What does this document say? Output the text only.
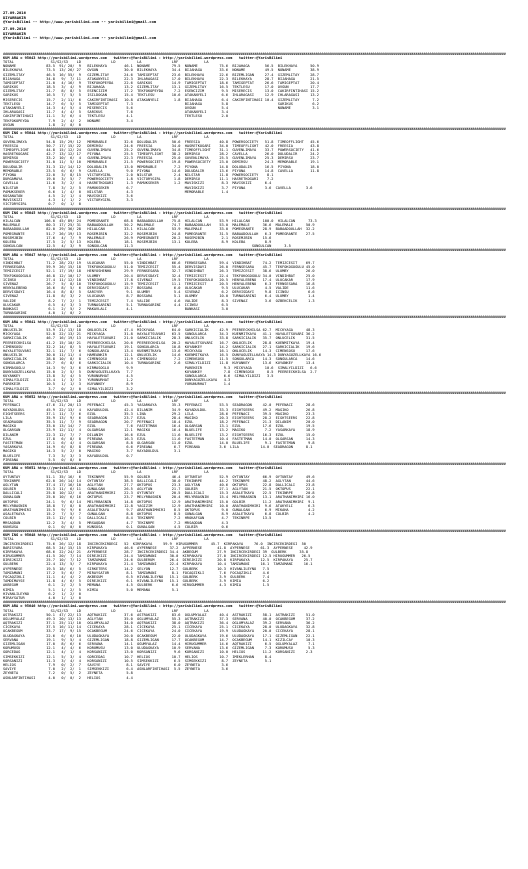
27.09.2016
DIYARBAKIR
@YarisBilimi -- http://www.yarisbilimi.com -- yarisbilimi@gmail.com
27.09.2016
DIYARBAKIR
@YarisBilimi -- http://www.yarisbilimi.com -- yarisbilimi@gmail.com

################################################################################################################################################################################################################################################################
KUM ARA = 95643 http://yarisbilimi.wordpress.com   twitter:@YarisBilimi : http://yarisbilimi.wordpress.com   twitter:@YarisBilimi
TOTAL                 S1/S2/S3    LD              LD          LA              LRF            LA
NONAME              83.5  91/ 20/  9   BILEKHAYA        46.1  NONAME          79.5  NONAME          75.6  BIJAHAGA       56.5  BILEKHAYA      50.9
BILEKHAYA           73.5  13/ 26/ 27   OVGUN            30.0  BILEKHAYA       34.4  BIJAHAGA        33.6  NONAME         49.5  NONAME         38.9
GIZEMLITAY          46.5  16/ 55/  9   GIZEMLITAY       24.6  TAMIGEPTAT      23.6  BILEKHAYA       22.6  BIZEMLIGAN     27.4  GIZEMLITAY     28.7
BIJAHAGA            34.8   9/  7/ 11   ATAKANYELI       22.3  IHLARAGASI      17.0  BILEKHAYA       22.3  BILEKHAYA      28.7  BIJAHAGA       21.5
TAMIGEPTAT          21.0   4/ 16/  9   TEKFOKOPEYDA     22.6  SARIKUS         14.9  TAMIGEPTAT      18.6  TAMIGEPTAT     26.6  TAMIGEPTAT     20.4
SARIKUS             18.5   3/  4/  9   BIJAHAGA         13.2  GIZEMLITAY      13.1  GIZEMLITAY      16.5  TEKTLESU       17.0  OVGUN          17.7
GIZEMLITAY          21.7   8/  8/  5   ESENCIZIM        17.2  TEKFOKOPEYDA     7.2  ESENCIZIM        9.5  MISERECIS      13.0  CAKIRFINTIHASI 15.2
SARIKUS             16.5   7/  5/  5   ISILDOGAN        15.4  TEKTLESU        10.6  ATAKANYELI       6.6  IHLARAGASI     12.9  IHLARAGASI     13.2
MISERECIS           15.7   2/ 11/  6   CAKIRFINTIHASI   10.8  ATAKANYELI       1.8  BIJAHAGA         6.4  CAKIRFINTIHASI 10.4  GIZEMLITAY      7.2
TEKTLESU            14.7   6/  5/  5   TAMIGEPTAT        7.3                        BIJAHAGA         5.8                       SARIKUS         6.2
ATAKANYELI          14.3   4/  5/  4   MISERECIS         5.6                        OVGUN            5.4                       NONAME          3.1
IHLARAGASI          11.7   4/  4/  5   SARIKUS           7.6                        ATAKANYELI       3.4
CAKIRFINTIHASI      11.1   3/  6/  4   TEKTLESU          4.1                        TEKTLESU         2.0
TEKFOKOPEYDA         7.9   2/  4/  2   NONAME            3.4
OVGUN                1.8   2/  0/  0
################################################################################################################################################################################################################################################################
KUM ING = 95644 http://yarisbilimi.wordpress.com   twitter:@YarisBilimi : http://yarisbilimi.wordpress.com   twitter:@YarisBilimi
TOTAL                 S1/S2/S3    LD              LD          LA              LRF            LA
GUVENLIMAYA         54.8  15/ 29/ 12   MEMORABLE        32.6  DOLUDALIR       50.6  FREESIA         40.8  POWERSOCIETY   51.8  TIMEOFFLIGHT   45.6
FREESIA             50.7  17/ 15/ 22   DEMIRSU          24.6  FREESIA         34.0  HASRETKOGARI    34.0  TIMEOFFLIGHT   42.0  FREESIA        43.8
TIMEOFFLIGHT        44.8  15/ 12/ 24   GUVENLIMAYA      25.2  GUVENLIMAYA     34.8  TIMEOFFLIGHT    31.1  GUVENLIMAYA    33.7  POWERSOCIETY   41.6
HASRETKOGARI        42.7  13/ 12/ 17   PIYONA           25.5  TIMEOFFLIGHT    38.2  DEMIRSU         28.2  CAVELLA        26.0  DOLUDALIR      24.2
DEMIRSU             33.2  10/  6/  4   GUVENLIMAYA      22.3  FREESIA         25.0  GUVENLIMAYA     25.5  GUVENLIMAYA    25.3  DEMIRSU        23.7
POWERSOCIETY        31.0  11/  5/ 10   MEMORABLE        21.5  POWERSOCIETY    19.8  POWERSOCIETY    23.0  DEMIRSU        24.3  MEMORABLE      19.1
DOLUDALIR           31.3  12/ 14/ 12   DOLUDALIR        13.0  MEMORABLE        7.2  PIYONA          14.8  DOLUDALIR      16.5  PIYONA         18.0
MEMORABLE           23.5   6/  6/  9   CAVELLA           9.0  PIYONA          14.6  DOLUDALIR       13.6  PIYONA         14.8  CAVELLA        11.8
PIYONA              22.0   3/  8/ 15   VICTORYGIRL       2.0  NILSTAR          2.4  NILSTAR         11.8  POWERSOCIETY    8.1
DURGAMAYA           19.0   3/  5/  7   POWERSOCIETY      1.8  VICTORYGIRL      1.8  DEMIRSU         11.1  HASRETKOGARI    7.2
CAVELLA             11.6   3/  2/  4   HASRETKOGARI      1.3  PAMUKSEKER       1.2  MAVISKIZI        8.3  MAVISKIZI      6.4
NILSTAR              7.8   3/  2/  5   PAMUKSEKER        6.7                        MAVISKIZI        3.7  PIYONA         3.6  CAVELLA       3.6
PAMUKSEKER           6.6   1/  4/  0   NILSTAR           4.3                        MEMORABLE        1.4
KOSANATAN            4.5   2/  1/  4   MAVISKIZI         3.6
MAVISKIZI            4.3   1/  1/  2   VICTORYGIRL       3.3
VICTORYGIRL          0.7   0/  1/  0
################################################################################################################################################################################################################################################################
KUM ING = 95645 http://yarisbilimi.wordpress.com   twitter:@YarisBilimi : http://yarisbilimi.wordpress.com   twitter:@YarisBilimi
TOTAL                 S1/S2/S3    LD              LD          LA              LRF            LA
HILALCAN           106.0  45/ 89/ 24   POMEGRANTE       68.8  BABAADOULLAH    75.8  HILALCAN        53.9  HILALCAN      100.0  HILALCAN      73.3
MALEMALE            80.3  17/ 25/ 31   BABAADOULLAH     50.2  MALEMALE        74.7  BABAADOULLAH    53.0  MALEMALE      36.6  MALEMALE      50.9
BABAADOULLAH        82.0  29/ 36/ 28   HILALCAN         33.1  HILALCAN        53.9  MALEMALE        33.0  POMEGRANTE    28.9  BABAADOULLAH  32.2
POMEGRANTE          51.7  26/ 19/ 13   ROSEMJBIN        32.2  ROSEMJBIN       24.8  POMEGRANTE      31.5  BABAADOULLAH   6.3  POMEGRANTE    27.5
ROSEMJBIN           17.6   4/  7/  9   MALEMALE         26.9  POMEGRANTE      20.2  ROSEMJBIN        2.1  ROSEMJBIN     15.6
KOLEBA              17.5   2/  5/ 13   KOLEBA           18.1  ROSEMJBIN       13.1  KOLEBA           8.9  KOLEBA         8.9
SONGULCAN           12.5   4/  3/  9   SONGULCAN        11.3                                                       SONGULCAN      3.5
################################################################################################################################################################################################################################################################
KUM ARA = 95647 http://yarisbilimi.wordpress.com   twitter:@YarisBilimi : http://yarisbilimi.wordpress.com   twitter:@YarisBilimi
TOTAL                 S1/S2/S3    LD              LD          LA              LRF            LA
VINDIHBAT           71.2  28/ 23/ 19   ULUCAKAR         55.0  VINDIHBAT       66.6  FERNSESARA      59.4  VINDIHBAT     74.2  TEMIZCESIT    69.7
FERNSESARA          59.9  26/ 15/ 18   TEKFOKOGOGULU    51.0  TEMIZCESIT      55.4  DERVISDAYI      26.0  FERNSESARA    45.7  TEKFOKOGOGULU 45.0
TEMIZCESIT          52.1  17/ 19/ 18   HENYOSHENHO      29.9  FERNSESARA      32.7  VINDIHBAT       26.3  TEMIZCESIT    38.6  ULUMBY        26.0
TEKFOKOGOGULU       46.8  12/ 10/ 17   ULUMBY           20.4  DERVISDAYI      32.4  TEMIZCESIT      22.4  TEKFOKOGOGULU 34.0  VINDIHBAT     25.0
ICINSU              27.4  11/ 12/ 18   VINDIHBAT        17.8  SIVENAZ         19.5  TEKFOKOGOGULU   20.5  HENYALEBENO   17.4  ULUCAKAR      17.9
SIVENAZ             26.7   5/  8/ 10   TEKFOKOGOGULU    15.9  TEMIZCESIT      11.1  TEMIZCESIT      20.5  HENYALEBENO    6.3  FERNSESARA    16.8
HENYALEBENO         16.6   8/  5/  6   DERVISDAYI       15.7  BOSSARA          6.0  ULUCAKAR         9.5  ULUCAKAR       4.5  VALIDE        11.6
DERVISDAYI          16.4   8/  8/  5   SARIYER           9.1  ULUMBY           5.4  SIVENAZ          6.2  DERVISDAYI     9.8  ICINSU         6.6
SIVENAZ             11.8   8/  3/  2   ULUCAKAR          8.7  BOSSARA          5.1  ULUMBY          10.0  TURNASARINI    6.4  ULUMBY         1.4
VALIDE               8.2   7/  2/  1   TEMIZCESIT        7.4  VALIDE           4.6  VALIDE           8.3  SIVENAZ        3.6  OZBEKCELIK     1.3
ULUCAKAR             6.5   4/  3/  3   TURNASARINI       5.1  TURNASARINI      4.4  ICINSU           6.5
BANKASI              6.1   2/  5/  2   MAKAVLALI         4.1                        BANKASI          3.0
TURNASARINI          4.0   1/  0/  2
################################################################################################################################################################################################################################################################
KUM ARA = 95641 http://yarisbilimi.wordpress.com   twitter:@YarisBilimi : http://yarisbilimi.wordpress.com   twitter:@YarisBilimi
TOTAL                 S1/S2/S3    LD              LD          LA              LRF            LA
ONLUCELIK           53.9  21/ 13/ 18   ONLUCELIK        47.4  MICKYAGA        64.0  SARKICIALIK     42.9  PEEREECKHILSA 62.7  MICKYAGA      48.3
MICKYAGA            52.8  22/ 13/ 21   MICKYAGA         31.8  HAYALETSUVARI   63.5  SONGULARCA      34.3  KUENMITKAYA   41.1  HAYALETSUVARI 36.2
SARKICIALIK         46.7  16/ 19/ 13   HAYALETSUVARI    21.0  SARKICIALIK     28.3  ONLUCELIK       33.8  SARKICIALIK   35.7  ONLUCELIK     31.5
PEEREECKHILSA       41.2  15/ 10/ 21   PEEREECKHILSA    20.6  PEEREECKHILSA   20.2  HAYALETSUVARI   16.7  ONLUCELIK     28.8  KUENMITKAYA   19.4
CIMENSOSU           32.2  14/  8/  5   HAYALETSUVARI    19.1  SONGULARCA      10.8  KUYANKEY        14.2  SARKICIALIK   27.1  SARKICIALIK   19.6
HAYALETSUVARI       32.1  11/  7/  6   SONGULARCA       13.4  KUENMITKAYA     13.6  MICKYAGA        16.1  ONLUCELIK     14.3  CIMENSOSU     17.6
ONLUCELIK           30.0  11/ 11/  4   HAMEANKIR        12.1  ONLUCELIK       14.6  KUENMITKAYA     16.5  DUNYAGUZELLKAYA 14.3 DUNYAGUZELLKAYA 16.6
SARKICIALIK         28.8  10/  8/  8   CIMENSOSU        11.9  CIMENSOSU        7.2  CIMENSOSU       11.5  SONGULARCA    14.3  SONGULARCA    14.6
SONGULARCA          25.7   6/  8/  6   SARKICIALIK      10.4  TURNASARINI      2.6  SIMALYILDIZI    11.8  KUYANKEY      13.6  KUYANKEY      13.4
KIRMASOGLU          14.3   9/  3/  6   KIRMASOGLU        9.9                        PAREKEIR          9.3  MICKYAGA      10.6  SIMALYILDIZI   6.6
DUNYAGUZELLKAYA     15.0   2/  5/  5   DUNYAGUZELLKAYA   7.7                        KUYANKEY          7.8  CIMENSOSU      8.5  PEEREECKHILSA  2.7
KUYANKEY            13.8   3/  4/  5   YURUNURHAT        4.5                        SONGULARCA        6.6  SIMALYILDIZI   3.5
SIMALYILDIZI        13.4   1/  3/  3   YURUNURHAT        1.2                        DUNYAGUZELLKAYA   4.3
PAREKEIR            10.5   1/  1/  3   KUYANKEY          8.9                        YURUNURHAT        1.4
SIMALYILDIZI         3.7   0/  2/  0   SIMALYILDIZI      3.2
################################################################################################################################################################################################################################################################
KUM ARA = 95652 http://yarisbilimi.wordpress.com   twitter:@YarisBilimi : http://yarisbilimi.wordpress.com   twitter:@YarisBilimi
TOTAL                 S1/S2/S3    LD              LD          LA              LRF            LA
PEFENACI            47.6  21/ 20/ 13   PEFENACI         45.3  YASARKAYA       35.3  PEFENACI        53.5  SEADRAGON     42.0  PEFENACI      28.6
KAYADULDUL          45.9  22/ 13/  4   KAYADULDUL       42.4  DILANIM         34.9  KAYADULDUL      33.3  EIGHTSEERS    49.2  MAGIKO        26.8
EIGHTSEERS          37.1  11/  7/  6   EZUL             35.3  LINA            29.2  LILA            28.6  PEFENACI      39.5  MAGIKO        23.3
LILA                35.9  13/  9/  6   SEADRAGON        23.7  EZUL            28.4  MAGIKO          20.3  EIGHTSEERS    28.2  EIGHTSEERS    22.8
SEADRAGON           35.5  11/  7/  9   SEADRAGON        20.7  PEFENACI        18.4  EZUL            18.2  PEFENACI      21.3  DILANIM       20.0
MAGIKO              33.0  13/ 14/  7   EZUL              7.6  FASTETMAN       16.4  OLGARSAN        13.1  EZUL          17.6  EZUL          19.5
OLGARSAN            23.9  12/ 11/  4   OLGARSAN         12.1  MAGIKO          16.4  BLUELIFE        13.2  MAGIKO         7.2  YASARKAYA     18.9
DILANIM             22.3  12/  7/  7   DILANIM          16.6  EZUL            11.6  BLUELIFE        13.2  EIGHTSEERS    16.3  EZUL          15.0
EZUL                17.8   6/  8/  8   PIREANA          16.3  EZUL            11.6  FASTETMAN       10.4  FASTETMAN     14.0  OLGARSAN      14.3
FASTETMAN           17.1   6/  4/  4   OLGARSAN          8.8  OLGARSAN        11.0  EZUL            14.0  BLUELIFE       9.1  FASTETMAN      9.8
YASARKAYA           14.9   6/  8/  8   PIREANA           6.6  PIREANA          6.7  PIREANA         3.6  LILA          14.0  SEADRAGON      8.1
MAGIKO              14.3   5/  2/  0   MAGIKO            3.7  KAYADULDUL       3.1
BLUELIFE             7.3   3/  3/  3   KAYADULDUL        0.7
PIREANA              5.5   0/  8/  0
################################################################################################################################################################################################################################################################
KUM ARA = 95651 http://yarisbilimi.wordpress.com   twitter:@YarisBilimi : http://yarisbilimi.wordpress.com   twitter:@YarisBilimi
TOTAL                 S1/S2/S3    LD              LD          LA              LRF            LA
OYTUNTAY            51.1  35/ 16/  6   TEKINRPE         55.9  GOLBIR          46.4  OYTUNTAY        52.9  OYTUNTAY      66.9  OYTUNTAY      49.6
TEKINRPE            62.0  26/ 14/ 14   OYTUNTAY         38.5  DALLICALI       30.0  TEKINRPE        44.2  TEKINRPE      48.2  AGLYTAN       44.6
AGLYTAN             37.4  17/ 16/ 10   AGLYTAN          27.7  OKTOPUS         23.3  AGLYTAN         40.6  OKTOPUS       22.8  DALLICALI     23.8
GOLBIR              33.3  11/  6/ 11   GUNALGAN         26.5  AGLYTAN         21.7  GOLBIR          27.1  AGLYTAN       21.5  OKTOPUS       22.1
DALLICALI           25.8  10/ 12/  4   ARATHANIMHIRI    22.3  OYTUNTAY        20.5  DALLICALI       15.3  ASALETKAYA    22.5  TEKINRPE      20.8
GUNALGAN            25.0  10/  6/ 16   OKTOPUS          23.7  MELYRBASNIN     20.4  MELYRBASNIN     15.4  MELYRBASNIN   13.1  ARATHANIMHIRI 16.0
OKTOPUS             24.1   9/  6/ 14   MELYRBASNIN      14.8  OKTOPUS         12.9  ARATHANIMHIRI   15.0  GOLBIR        11.2  ARATHANIMHIRI  9.1
MELYRBASNIN         18.8   7/  8/  8   ARATHANIMHIRI    12.8  YAGIZIM         12.9  ARATHANIMHIRI   10.0  ARATHANIMHIRI  9.6  ATAKYELI       6.3
ARATHANIMHIRI       15.5   9/  9/  6   ASALETKAYA        9.7  ARATHANIMHIRI    8.5  OKTOPUS          9.0  GUNALGAN       6.9  MIKAHA         4.2
ASALETKAYA          15.2   7/  5/  7   GUNALGAN          8.8  OKTOPUS          8.5  GUNALGAN         8.9  ASALETKAYA     6.8  COLBIR         4.2
COLBIR              15.1  12/  6/  1   DALLICALI         8.4  TEKINRPE         7.2  HROKAFSAN        4.7  TEKINRPE      13.5
MRSAQDAN            12.2   3/  4/  5   MRSAQDAN          4.7  TEKINRPE         7.2  MRSAQDAN         4.3
KUNSUSA              0.1   0/  0/  0   KUNSUSA           0.1  GUNALGAN         4.5  COLBIR           0.6
################################################################################################################################################################################################################################################################
KUM ING = 95648 http://yarisbilimi.wordpress.com   twitter:@YarisBilimi : http://yarisbilimi.wordpress.com   twitter:@YarisBilimi
TOTAL                 S1/S2/S3    LD              LD          LA              LRF            LA
INCIRCEKIRDEGI      75.6  26/ 12/ 18   INCIRCEKIRDEGI   52  KIRPAKAYA     59.9  HIRUGUMMER      45.7  KIRPAKAYA     76.0  INCIRCEKIRDEGI  50
BARISYARA           68.5  24/ 15/ 15   KIRPAKAYA        46.6  AYPERNESE      37.2  AYPERNESE       41.8  AYPERNESE     61.3  AYPERNESE     42.9
KIRPAKAYA           68.6  22/ 24/ 21   AYPERNESE        28.7  INCIRCEKIRDEGI 34.4  AKBEGUM         27.9  INCIRCEKIRDEGI 39  GULBERK      35.8
HIRUGUMMER          41.5  20/  7/ 14   DIREJKIZI        24.4  TAMZAMANI      30.0  KIRPAKAYA       27.0  INCIRCEKIRDEGI 12.5 HIRUGUMMER   26.5
DIREJKIZI           25.7  10/  7/ 12   TAMZAMANI        24.6  GULBERUM       26.4  DIREJKIZI       20.8  KIRPAKAYA     12.5  KIRPAKAYA     25.7
GULBERK             22.4  13/  5/  7   KIRPAKAYA        21.4  TAMZAMANI      22.4  KIRPAKAYA       10.4  TAMZAMANI     16.1  TAMZAMANI     16.1
AYPERNESE           19.5  18/  6/  5   SIRKETERS        14.2  SELYON         12.7  GULBERK         10.3  HIVANLILEYNO   7.5
TAMZAMANI           17.2   5/  6/  7   MIRAYSATUR        8.1  TAMZAMANI       8.1  FOCAQZIKLI       7.6  FOCAQZIKLI     4.6
FOCAQZIKLI          11.1   4/  4/  2   AKBEGUM           6.5  HIVANLILEYNO   15.1  GULBERK          3.9  GULBERK        7.4
TAMDIMAYSE          11.8   4/  6/  5   DIREJKIZI         6.1  HIVANLILEYNO   15.1  GULBERK          3.9  KIMIA          6.2
AKBEGUM              6.1   2/  2/  5   MEMANA            4.5  GULBERK         6.6  HIRUGUMMER       4.3  KIMIA          1.5
KIMIA                5.1   1/  2/  5   KIMIA             5.0  MEMANA          5.1
HIVANLILEYNO         6.2   1/  2/  0
MIRAYSATUR           4.0   1/  1/  0
################################################################################################################################################################################################################################################################
KUM ARA = 95646 http://yarisbilimi.wordpress.com   twitter:@YarisBilimi : http://yarisbilimi.wordpress.com   twitter:@YarisBilimi
TOTAL                 S1/S2/S3    LD              LD          LA              LRF            LA
ASTRAKIZI           50.1  47/ 22/ 13   AQTRAKIZI        37.6  ASTRAKIZI       83.6  OGLUMYALAZ      40.4  ASTRAKIZI     58.1  ASTRAKIZI     51.0
OGLUMYALAZ          49.3  20/ 13/ 13   AGLYTAN          35.0  OGLUMYALAZ      55.3  ASTRAKIZI       37.3  SERVANA       40.0  OCAKBEGUM     37.2
AQTRAKIZI           37.1  25/ 11/ 10   OGLUMYALAZ       34.0  AQTRAKIZI       38.0  AQTRAKIZI       36.4  OGLUMYALAZ    39.2  SERVANA       36.2
CICEKAYA            37.5  16/ 11/ 14   CICEKAYA         28.1  CICEKAYA        25.1  CICEKAYA        25.1  CICEKAYA      28.0  ULUDAGKAYA    32.8
OCAKBEGUM           33.7  17/  9/ 15   OCAKBEGUM        24.6  CICEKAYA        24.0  CICEKAYA        19.9  ULUDAGKAYA    20.0  CICEKAYA      28.1
ULUDAGKAYA          22.6   6/  6/ 10   ULUDAGKAYA       20.0  OCAKBEGUM       22.0  ULUDAGKAYA      19.6  ULUDAGKAYA    17.1  GIZEMLIGAN    22.1
SERVANA             19.1   9/  5/  4   GIZEMLIGAN       18.8  GIZEMLIGAN      17.7  OCAKBEGUM       14.7  OCAKBEGUM     14.1  KIZILCAY      10.3
GIZEMLIGAN          17.0   8/  6/  6   SERVANA          14.1  OGUMYALAZ       14.4  HIRUGUMMER      14.6  AQTRAKIZI      6.5  OGLUMYALAZ     7.1
KORUMUSU            12.1   4/  4/  6   KORUMUSU         13.0  ULUDAGKAYA      10.9  SERVANA         13.6  GIZEMLIGAN     7.3  KORUMUSU       5.3
GORCEDAG            12.1   4/  1/  4   KORSANIZI        13.0  KORSANIZI        9.6  KORSANIZI       10.0  HELIOS        11.2  KORSANIZI     2.3
SIMSEKKIZI          12.1   5/  3/  4   GORCEDAG         10.7  HELIOS          10.7  HELIOS          10.7  IMEKLERHAN     8.4
KORSANIZI           11.3   3/  4/  4   KORSANIZI        10.5  SIMSEKKIZI       6.5  SIMSEKKIZI       8.7  ZEYNETA        5.1
HELIOS               7.9   0/  2/  7   SAVIYE            8.1  SAVIYE           6.0  ZEYNETA          3.6
SAVIYE               7.0   2/  2/  1   SIMSEKKIZI        6.4  ASNLARFINTIHASI  5.5  ZEYNETA          3.6
ZEYNETA              7.2   0/  5/  2   ZEYNETA           5.8
ASNLARFINTIHASI      4.0   0/  0/  2   HELIOS            4.4
